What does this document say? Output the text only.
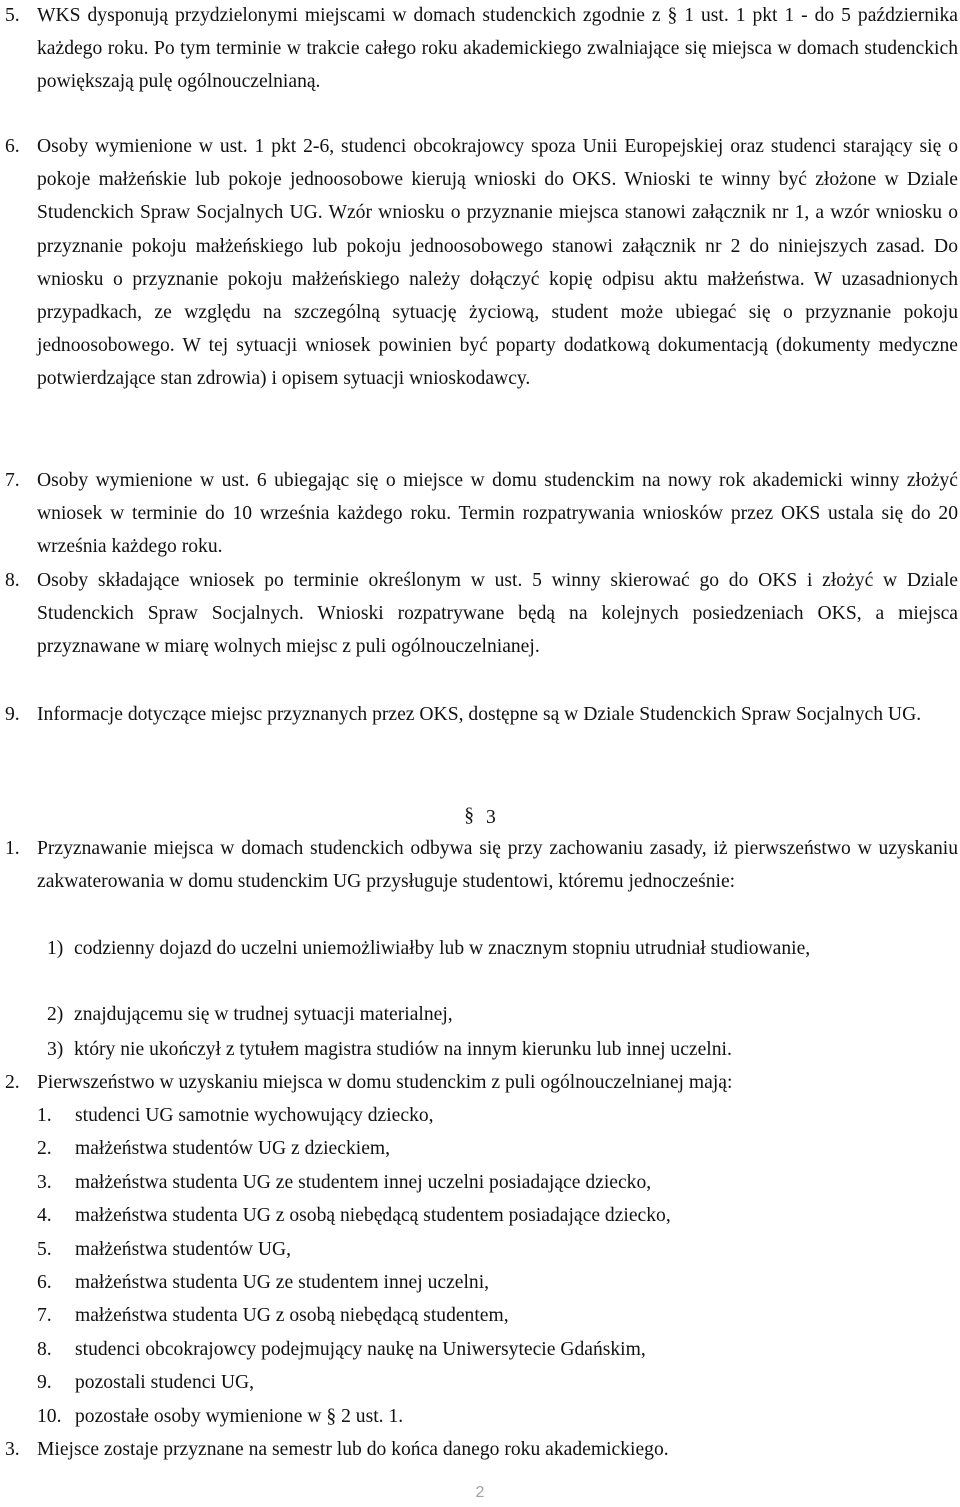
5. WKS dysponują przydzielonymi miejscami w domach studenckich zgodnie z § 1 ust. 1 pkt 1 - do 5 października każdego roku. Po tym terminie w trakcie całego roku akademickiego zwalniające się miejsca w domach studenckich powiększają pulę ogólnouczelnianą.
6. Osoby wymienione w ust. 1 pkt 2-6, studenci obcokrajowcy spoza Unii Europejskiej oraz studenci starający się o pokoje małżeńskie lub pokoje jednoosobowe kierują wnioski do OKS. Wnioski te winny być złożone w Dziale Studenckich Spraw Socjalnych UG. Wzór wniosku o przyznanie miejsca stanowi załącznik nr 1, a wzór wniosku o przyznanie pokoju małżeńskiego lub pokoju jednoosobowego stanowi załącznik nr 2 do niniejszych zasad. Do wniosku o przyznanie pokoju małżeńskiego należy dołączyć kopię odpisu aktu małżeństwa. W uzasadnionych przypadkach, ze względu na szczególną sytuację życiową, student może ubiegać się o przyznanie pokoju jednoosobowego. W tej sytuacji wniosek powinien być poparty dodatkową dokumentacją (dokumenty medyczne potwierdzające stan zdrowia) i opisem sytuacji wnioskodawcy.
7. Osoby wymienione w ust. 6 ubiegając się o miejsce w domu studenckim na nowy rok akademicki winny złożyć wniosek w terminie do 10 września każdego roku. Termin rozpatrywania wniosków przez OKS ustala się do 20 września każdego roku.
8. Osoby składające wniosek po terminie określonym w ust. 5 winny skierować go do OKS i złożyć w Dziale Studenckich Spraw Socjalnych. Wnioski rozpatrywane będą na kolejnych posiedzeniach OKS, a miejsca przyznawane w miarę wolnych miejsc z puli ogólnouczelnianej.
9. Informacje dotyczące miejsc przyznanych przez OKS, dostępne są w Dziale Studenckich Spraw Socjalnych UG.
§ 3
1. Przyznawanie miejsca w domach studenckich odbywa się przy zachowaniu zasady, iż pierwszeństwo w uzyskaniu zakwaterowania w domu studenckim UG przysługuje studentowi, któremu jednocześnie:
1) codzienny dojazd do uczelni uniemożliwiałby lub w znacznym stopniu utrudniał studiowanie,
2) znajdującemu się w trudnej sytuacji materialnej,
3) który nie ukończył z tytułem magistra studiów na innym kierunku lub innej uczelni.
2. Pierwszeństwo w uzyskaniu miejsca w domu studenckim z puli ogólnouczelnianej mają:
1. studenci UG samotnie wychowujący dziecko,
2. małżeństwa studentów UG z dzieckiem,
3. małżeństwa studenta UG ze studentem innej uczelni posiadające dziecko,
4. małżeństwa studenta UG z osobą niebędącą studentem posiadające dziecko,
5. małżeństwa studentów UG,
6. małżeństwa studenta UG ze studentem innej uczelni,
7. małżeństwa studenta UG z osobą niebędącą studentem,
8. studenci obcokrajowcy podejmujący naukę na Uniwersytecie Gdańskim,
9. pozostali studenci UG,
10. pozostałe osoby wymienione w § 2 ust. 1.
3. Miejsce zostaje przyznane na semestr lub do końca danego roku akademickiego.
2
